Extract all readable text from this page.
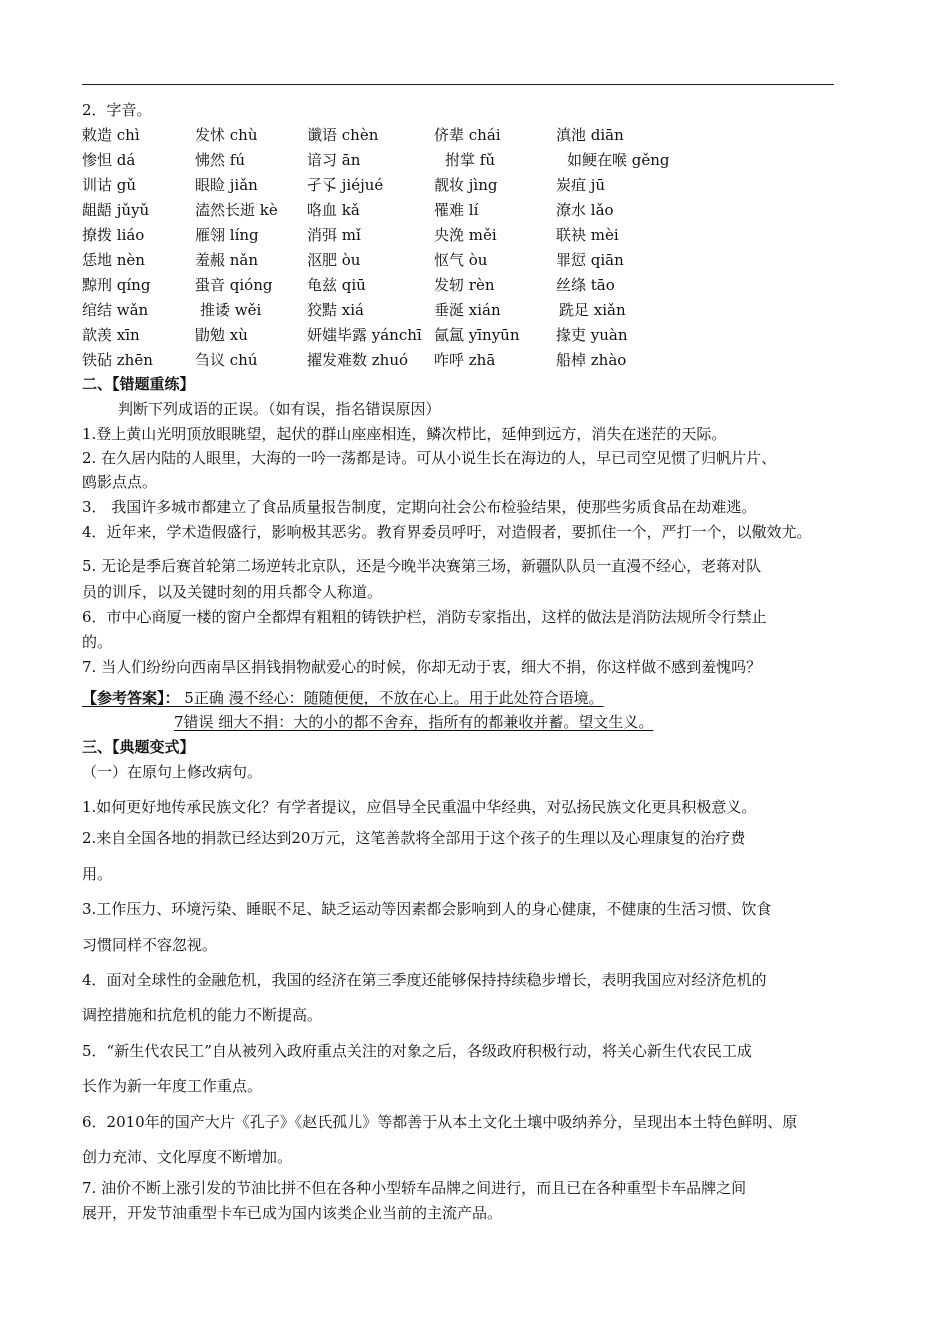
2．字音。
敕造 chì	发怵 chù	谶语 chèn	侪辈 chái	滇池 diān
惨怛 dá	怫然 fú	谙习 ān	拊掌 fǔ	如鲠在喉 gěng
训诂 gǔ	眼睑 jiǎn	孑孓 jiéjué	靓妆 jìng	炭疽 jū
龃龉 jǔyǔ	溘然长逝 kè 咯血 kǎ	罹难 lí	潦水 lǎo
撩拨 liáo	雁翎 líng	消弭 mǐ	央浼 měi	联袂 mèi
恁地 nèn	羞赧 nǎn	沤肥 òu	怄气 òu	罪愆 qiān
黥刑 qíng	蛩音 qióng 龟兹 qiū	发轫 rèn	丝绦 tāo
绾结 wǎn	推诿 wěi	狡黠 xiá	垂涎 xián	跣足 xiǎn
歆羡 xīn	勖勉 xù	妍媸毕露 yánchī 氤氲 yīnyūn 掾吏 yuàn
铁砧 zhēn	刍议 chú	擢发难数 zhuó 咋呼 zhā	船棹 zhào
二、【错题重练】
判断下列成语的正误。（如有误，指名错误原因）
1.登上黄山光明顶放眼眺望，起伏的群山座座相连，鳞次栉比，延伸到远方，消失在迷茫的天际。
2. 在久居内陆的人眼里，大海的一吟一荡都是诗。可从小说生长在海边的人，早已司空见惯了归帆片片、
鸥影点点。
3． 我国许多城市都建立了食品质量报告制度，定期向社会公布检验结果，使那些劣质食品在劫难逃。
4．近年来，学术造假盛行，影响极其恶劣。教育界委员呼吁，对造假者，要抓住一个，严打一个，以儆效尤。
5. 无论是季后赛首轮第二场逆转北京队，还是今晚半决赛第三场，新疆队队员一直漫不经心，老蒋对队
员的训斥，以及关键时刻的用兵都令人称道。
6．市中心商厦一楼的窗户全都焊有粗粗的铸铁护栏，消防专家指出，这样的做法是消防法规所令行禁止
的。
7. 当人们纷纷向西南旱区捐钱捐物献爱心的时候，你却无动于衷，细大不捐，你这样做不感到羞愧吗？
【参考答案】： 5正确 漫不经心：随随便便，不放在心上。用于此处符合语境。
7错误 细大不捐：大的小的都不舍弃，指所有的都兼收并蓄。望文生义。
三、【典题变式】
（一）在原句上修改病句。
1.如何更好地传承民族文化？有学者提议，应倡导全民重温中华经典，对弘扬民族文化更具积极意义。
2.来自全国各地的捐款已经达到20万元，这笔善款将全部用于这个孩子的生理以及心理康复的治疗费
用。
3.工作压力、环境污染、睡眠不足、缺乏运动等因素都会影响到人的身心健康，不健康的生活习惯、饮食
习惯同样不容忽视。
4．面对全球性的金融危机，我国的经济在第三季度还能够保持持续稳步增长，表明我国应对经济危机的
调控措施和抗危机的能力不断提高。
5．“新生代农民工”自从被列入政府重点关注的对象之后，各级政府积极行动，将关心新生代农民工成
长作为新一年度工作重点。
6．2010年的国产大片《孔子》《赵氏孤儿》等都善于从本土文化土壤中吸纳养分，呈现出本土特色鲜明、原
创力充沛、文化厚度不断增加。
7. 油价不断上涨引发的节油比拼不但在各种小型轿车品牌之间进行，而且已在各种重型卡车品牌之间
展开，开发节油重型卡车已成为国内该类企业当前的主流产品。
